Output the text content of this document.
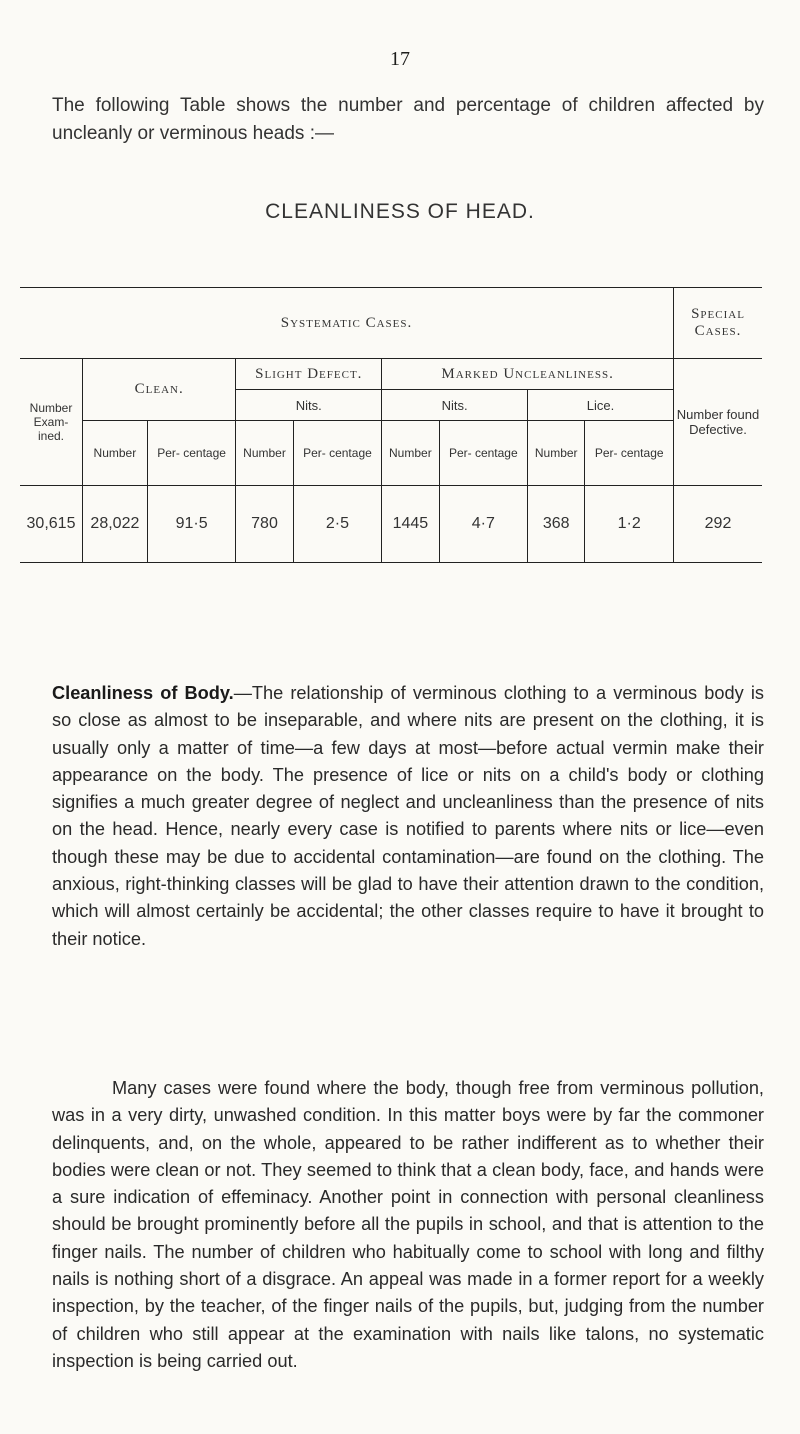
17
The following Table shows the number and percentage of children affected by uncleanly or verminous heads :—
CLEANLINESS OF HEAD.
Systematic Cases.									Special Cases.
Number Exam- ined.	Clean.		Slight Defect.		Marked Uncleanliness.				Number found Defective.
			Nits.		Nits.		Lice.		
	Number	Per- centage	Number	Per- centage	Number	Per- centage	Number	Per- centage	
30,615	28,022	91·5	780	2·5	1445	4·7	368	1·2	292
Cleanliness of Body.—The relationship of verminous clothing to a verminous body is so close as almost to be inseparable, and where nits are present on the clothing, it is usually only a matter of time—a few days at most—before actual vermin make their appearance on the body. The presence of lice or nits on a child's body or clothing signifies a much greater degree of neglect and uncleanliness than the presence of nits on the head. Hence, nearly every case is notified to parents where nits or lice—even though these may be due to accidental contamination—are found on the clothing. The anxious, right-thinking classes will be glad to have their attention drawn to the condition, which will almost certainly be accidental; the other classes require to have it brought to their notice.
Many cases were found where the body, though free from verminous pollution, was in a very dirty, unwashed condition. In this matter boys were by far the commoner delinquents, and, on the whole, appeared to be rather indifferent as to whether their bodies were clean or not. They seemed to think that a clean body, face, and hands were a sure indication of effeminacy. Another point in connection with personal cleanliness should be brought prominently before all the pupils in school, and that is attention to the finger nails. The number of children who habitually come to school with long and filthy nails is nothing short of a disgrace. An appeal was made in a former report for a weekly inspection, by the teacher, of the finger nails of the pupils, but, judging from the number of children who still appear at the examination with nails like talons, no systematic inspection is being carried out.
